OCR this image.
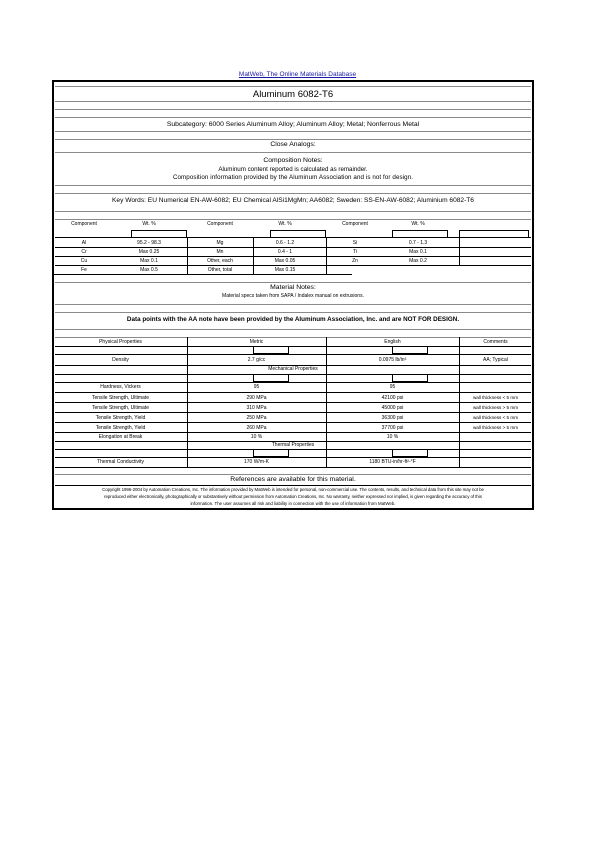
MatWeb, The Online Materials Database
Aluminum 6082-T6
Subcategory: 6000 Series Aluminum Alloy; Aluminum Alloy; Metal; Nonferrous Metal
Close Analogs:
Composition Notes:
Aluminum content reported is calculated as remainder.
Composition information provided by the Aluminum Association and is not for design.
Key Words: EU Numerical EN-AW-6082; EU Chemical AlSi1MgMn; AA6082; Sweden: SS-EN-AW-6082; Aluminium 6082-T6
Component	Wt. %	Component	Wt. %	Component	Wt. %
Al	95.2 - 98.3	Mg	0.6 - 1.2	Si	0.7 - 1.3
Cr	Max 0.25	Mn	0.4 - 1	Ti	Max 0.1
Cu	Max 0.1	Other, each	Max 0.05	Zn	Max 0.2
Fe	Max 0.5	Other, total	Max 0.15
Material Notes:
Material specs taken from SAPA / Indalex manual on extrusions.
Data points with the AA note have been provided by the Aluminum Association, Inc. and are NOT FOR DESIGN.
Physical Properties	Metric	English	Comments
Density	2.7 g/cc	0.0975 lb/in³	AA; Typical
Mechanical Properties
Hardness, Vickers	95	95
Tensile Strength, Ultimate	290 MPa	42100 psi	wall thickness < 5 mm
Tensile Strength, Ultimate	310 MPa	45000 psi	wall thickness > 5 mm
Tensile Strength, Yield	250 MPa	36300 psi	wall thickness < 5 mm
Tensile Strength, Yield	260 MPa	37700 psi	wall thickness > 5 mm
Elongation at Break	10 %	10 %
Thermal Properties
Thermal Conductivity	170 W/m-K	1180 BTU-in/hr-ft²-°F
References are available for this material.
Copyright 1996-2004 by Automation Creations, Inc. The information provided by MatWeb is intended for personal, non-commercial use. The contents, results, and technical data from this site may not be
reproduced either electronically, photographically or substantively without permission from Automation Creations, Inc. No warranty, neither expressed nor implied, is given regarding the accuracy of this
information. The user assumes all risk and liability in connection with the use of information from MatWeb.
